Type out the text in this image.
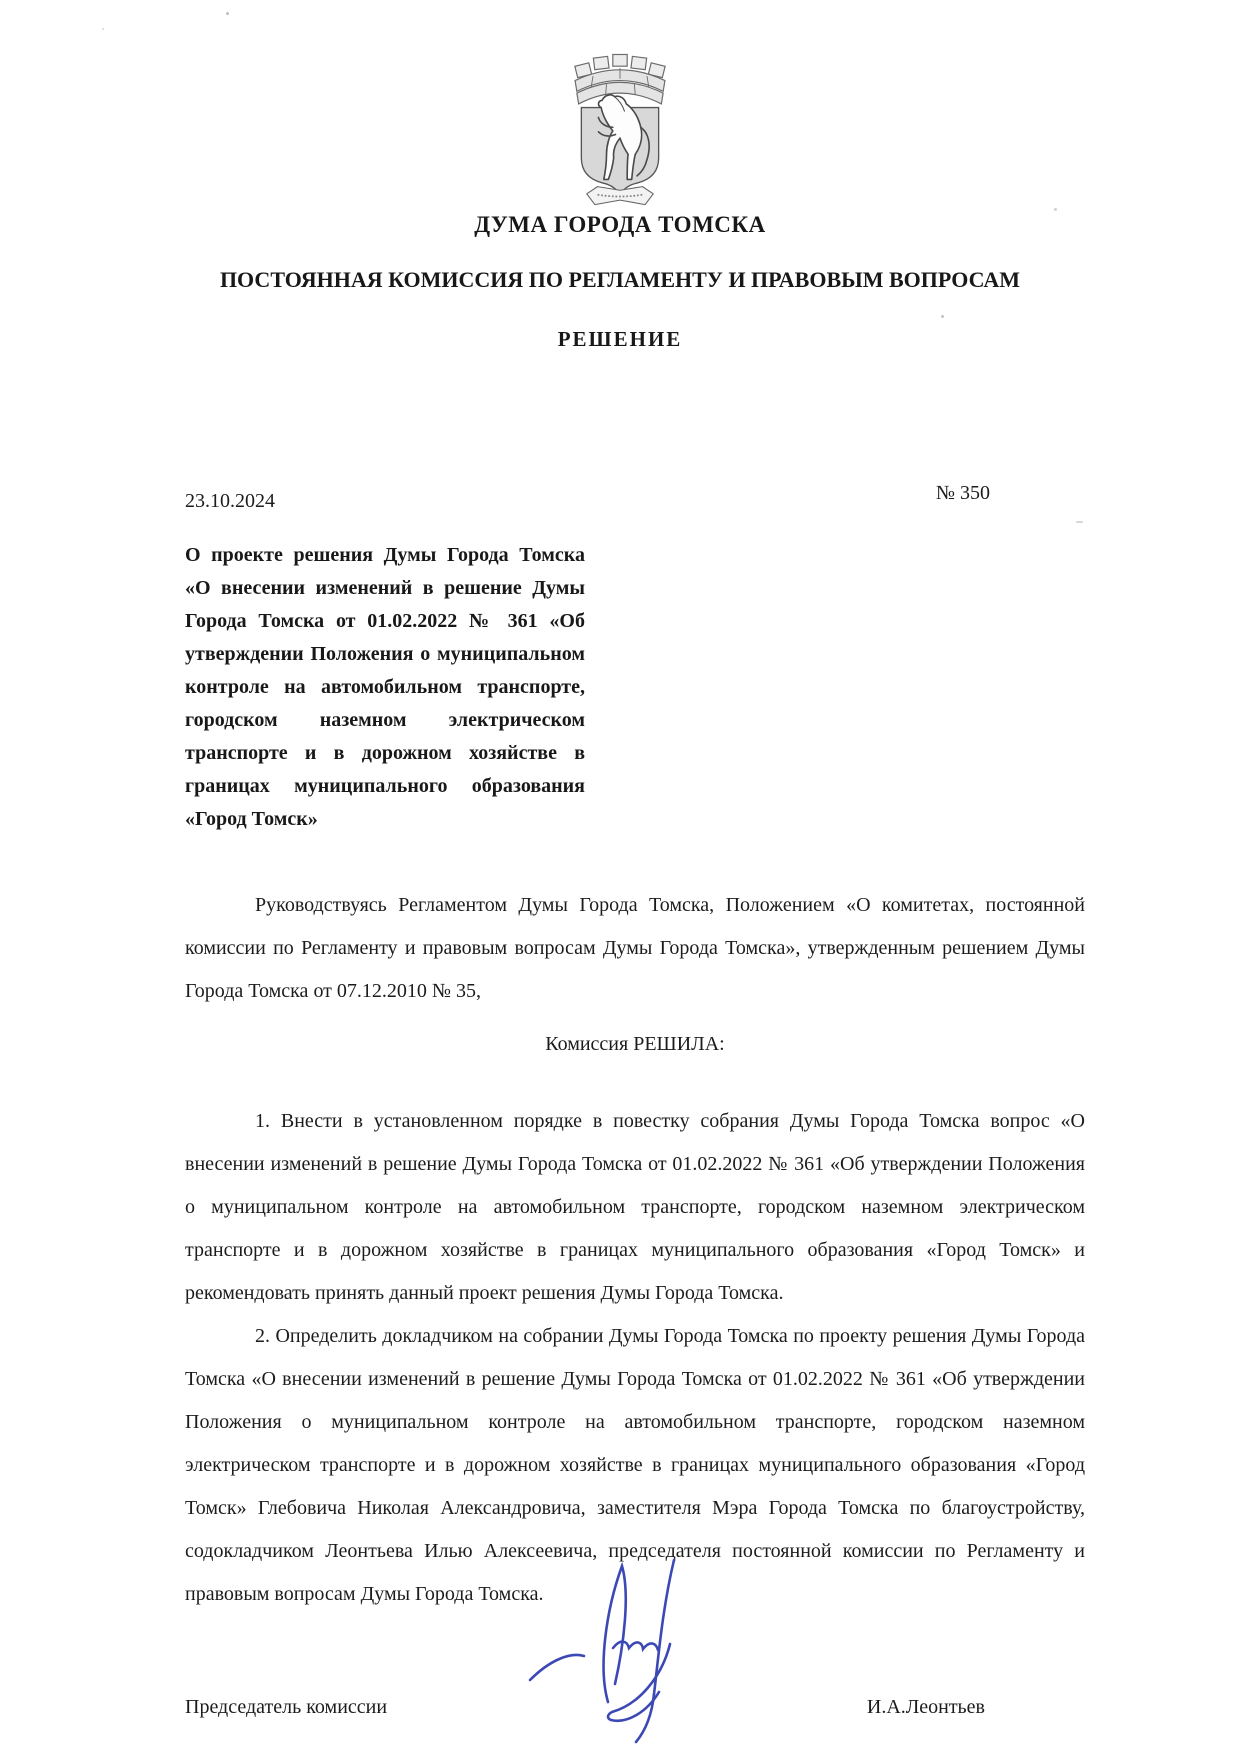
ДУМА ГОРОДА ТОМСКА
ПОСТОЯННАЯ КОМИССИЯ ПО РЕГЛАМЕНТУ И ПРАВОВЫМ ВОПРОСАМ
РЕШЕНИЕ
23.10.2024	№ 350
О проекте решения Думы Города Томска «О внесении изменений в решение Думы Города Томска от 01.02.2022 № 361 «Об утверждении Положения о муниципальном контроле на автомобильном транспорте, городском наземном электрическом транспорте и в дорожном хозяйстве в границах муниципального образования «Город Томск»

Руководствуясь Регламентом Думы Города Томска, Положением «О комитетах, постоянной комиссии по Регламенту и правовым вопросам Думы Города Томска», утвержденным решением Думы Города Томска от 07.12.2010 № 35,

Комиссия РЕШИЛА:

1. Внести в установленном порядке в повестку собрания Думы Города Томска вопрос «О внесении изменений в решение Думы Города Томска от 01.02.2022 № 361 «Об утверждении Положения о муниципальном контроле на автомобильном транспорте, городском наземном электрическом транспорте и в дорожном хозяйстве в границах муниципального образования «Город Томск» и рекомендовать принять данный проект решения Думы Города Томска.

2. Определить докладчиком на собрании Думы Города Томска по проекту решения Думы Города Томска «О внесении изменений в решение Думы Города Томска от 01.02.2022 № 361 «Об утверждении Положения о муниципальном контроле на автомобильном транспорте, городском наземном электрическом транспорте и в дорожном хозяйстве в границах муниципального образования «Город Томск» Глебовича Николая Александровича, заместителя Мэра Города Томска по благоустройству, содокладчиком Леонтьева Илью Алексеевича, председателя постоянной комиссии по Регламенту и правовым вопросам Думы Города Томска.

Председатель комиссии	И.А.Леонтьев
